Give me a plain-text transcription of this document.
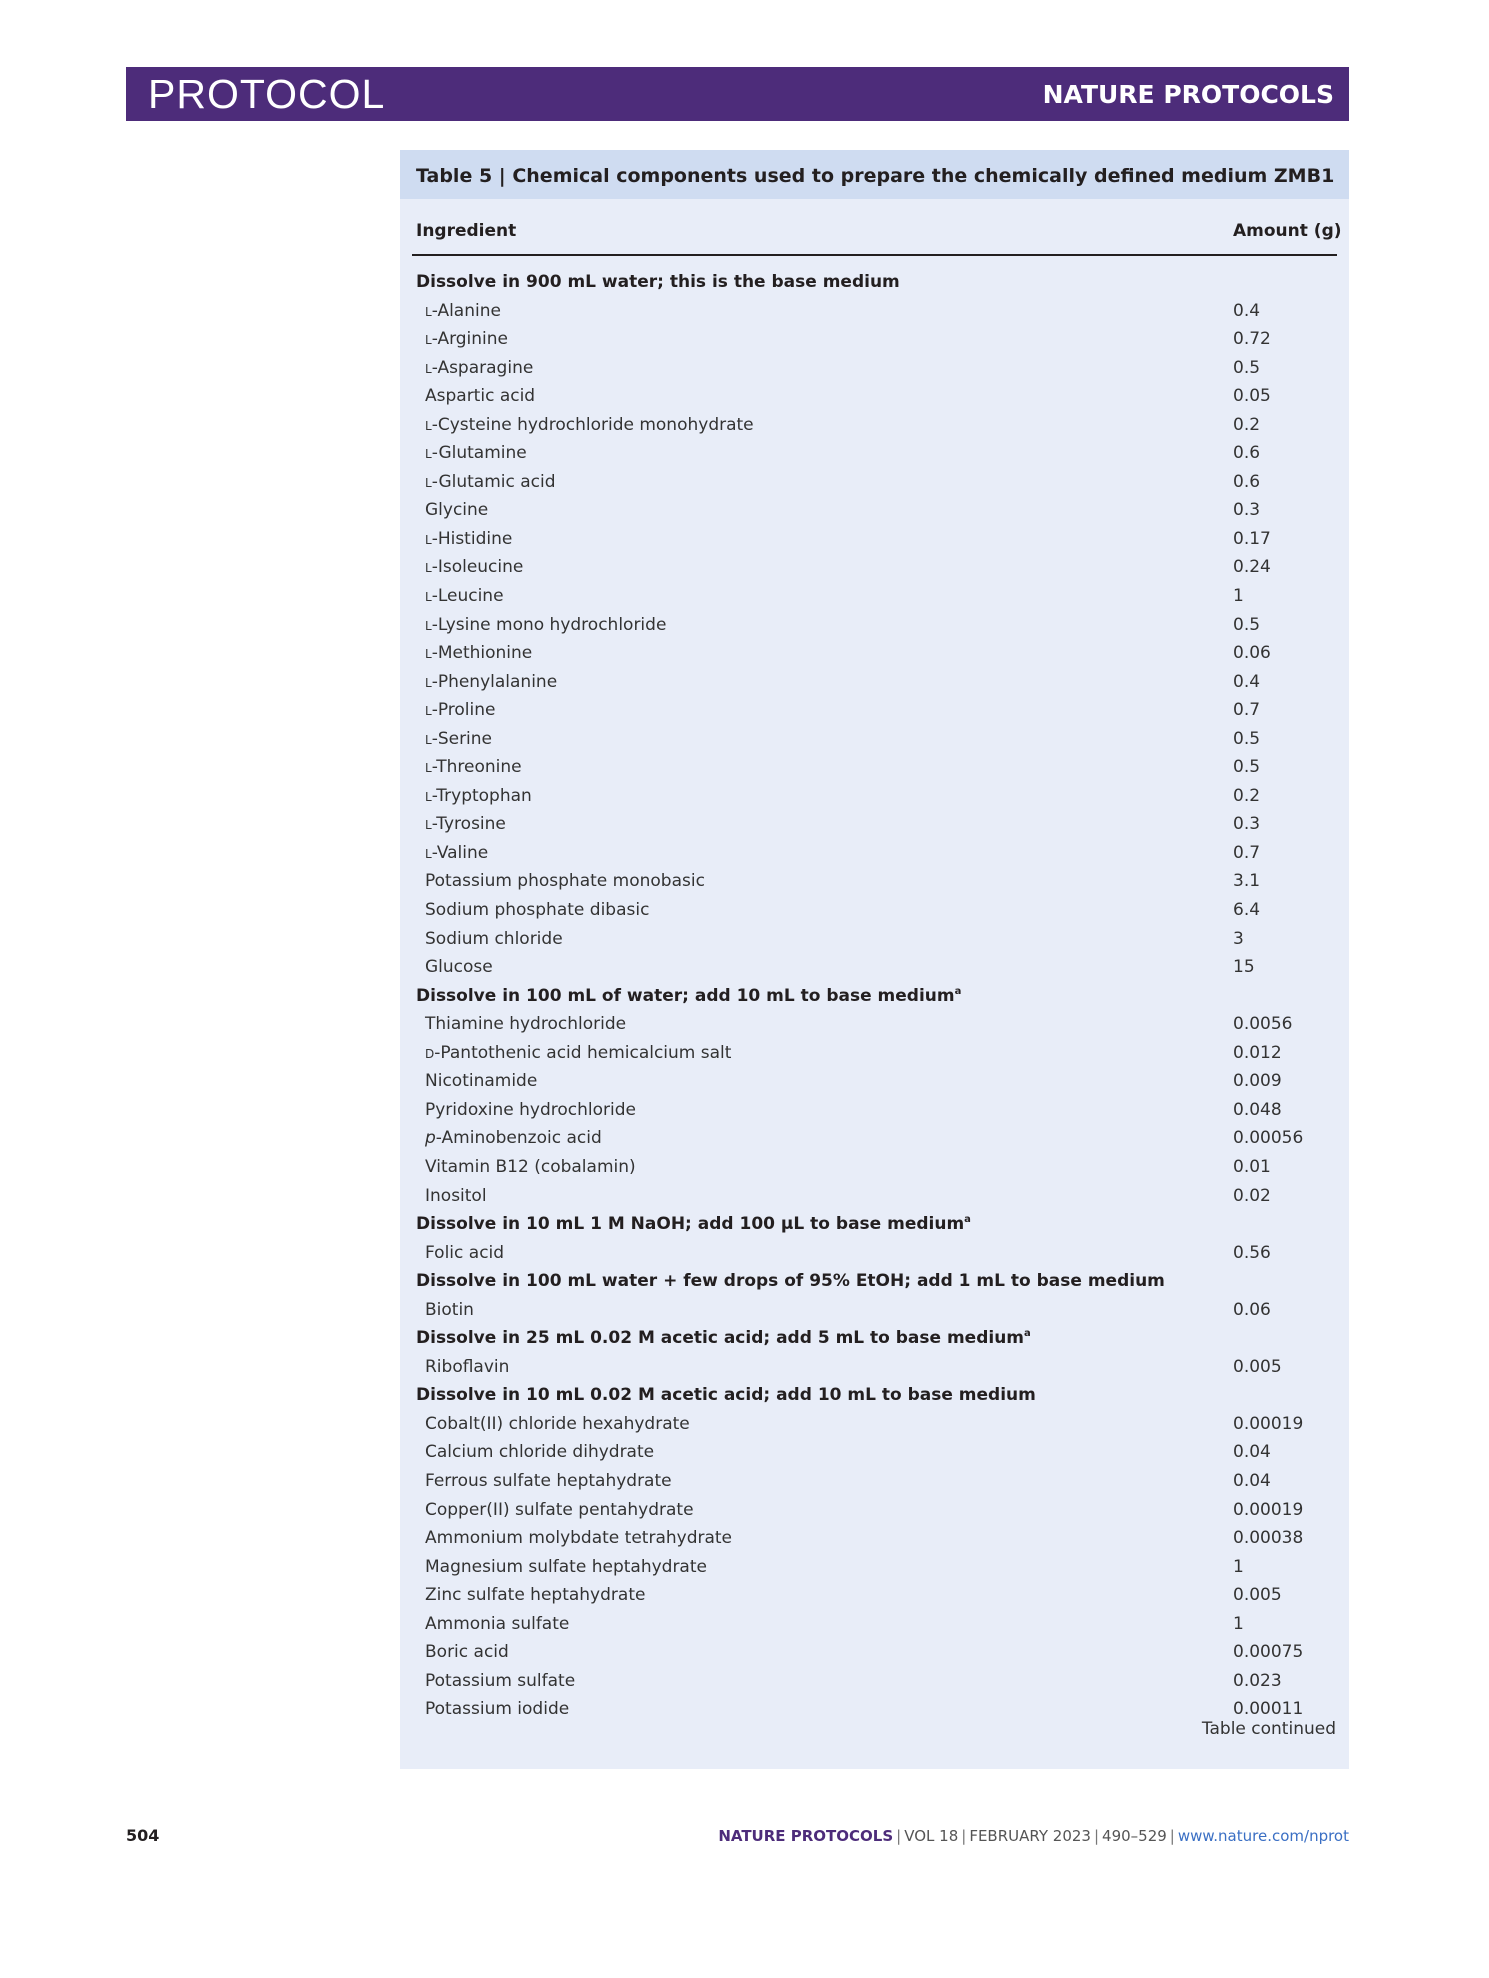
PROTOCOL	NATURE PROTOCOLS
Table 5 | Chemical components used to prepare the chemically defined medium ZMB1
Ingredient	Amount (g)
Dissolve in 900 mL water; this is the base medium
L-Alanine	0.4
L-Arginine	0.72
L-Asparagine	0.5
Aspartic acid	0.05
L-Cysteine hydrochloride monohydrate	0.2
L-Glutamine	0.6
L-Glutamic acid	0.6
Glycine	0.3
L-Histidine	0.17
L-Isoleucine	0.24
L-Leucine	1
L-Lysine mono hydrochloride	0.5
L-Methionine	0.06
L-Phenylalanine	0.4
L-Proline	0.7
L-Serine	0.5
L-Threonine	0.5
L-Tryptophan	0.2
L-Tyrosine	0.3
L-Valine	0.7
Potassium phosphate monobasic	3.1
Sodium phosphate dibasic	6.4
Sodium chloride	3
Glucose	15
Dissolve in 100 mL of water; add 10 mL to base medium$^a$
Thiamine hydrochloride	0.0056
D-Pantothenic acid hemicalcium salt	0.012
Nicotinamide	0.009
Pyridoxine hydrochloride	0.048
p-Aminobenzoic acid	0.00056
Vitamin B12 (cobalamin)	0.01
Inositol	0.02
Dissolve in 10 mL 1 M NaOH; add 100 µL to base medium$^a$
Folic acid	0.56
Dissolve in 100 mL water + few drops of 95% EtOH; add 1 mL to base medium
Biotin	0.06
Dissolve in 25 mL 0.02 M acetic acid; add 5 mL to base medium$^a$
Riboflavin	0.005
Dissolve in 10 mL 0.02 M acetic acid; add 10 mL to base medium
Cobalt(II) chloride hexahydrate	0.00019
Calcium chloride dihydrate	0.04
Ferrous sulfate heptahydrate	0.04
Copper(II) sulfate pentahydrate	0.00019
Ammonium molybdate tetrahydrate	0.00038
Magnesium sulfate heptahydrate	1
Zinc sulfate heptahydrate	0.005
Ammonia sulfate	1
Boric acid	0.00075
Potassium sulfate	0.023
Potassium iodide	0.00011
Table continued
504	NATURE PROTOCOLS | VOL 18 | FEBRUARY 2023 | 490–529 | www.nature.com/nprot
